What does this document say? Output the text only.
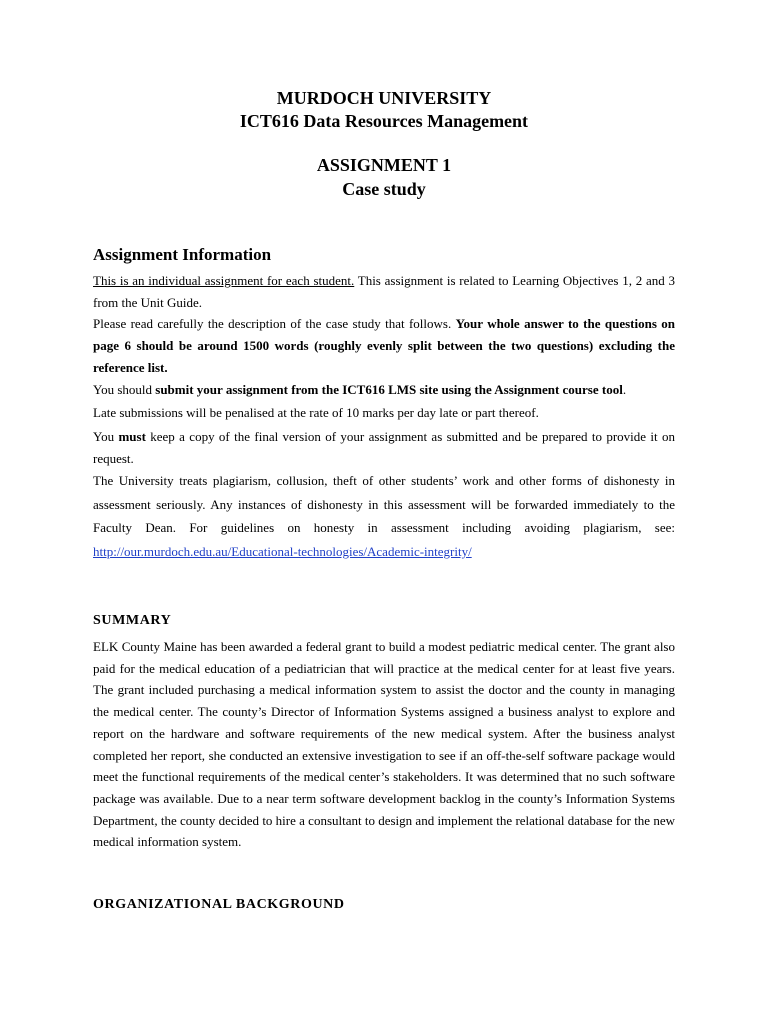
MURDOCH UNIVERSITY
ICT616 Data Resources Management
ASSIGNMENT 1
Case study
Assignment Information

This is an individual assignment for each student. This assignment is related to Learning Objectives 1, 2 and 3 from the Unit Guide.

Please read carefully the description of the case study that follows. Your whole answer to the questions on page 6 should be around 1500 words (roughly evenly split between the two questions) excluding the reference list.

You should submit your assignment from the ICT616 LMS site using the Assignment course tool.

Late submissions will be penalised at the rate of 10 marks per day late or part thereof.

You must keep a copy of the final version of your assignment as submitted and be prepared to provide it on request.

The University treats plagiarism, collusion, theft of other students’ work and other forms of dishonesty in assessment seriously. Any instances of dishonesty in this assessment will be forwarded immediately to the Faculty Dean. For guidelines on honesty in assessment including avoiding plagiarism, see: http://our.murdoch.edu.au/Educational-technologies/Academic-integrity/

SUMMARY

ELK County Maine has been awarded a federal grant to build a modest pediatric medical center. The grant also paid for the medical education of a pediatrician that will practice at the medical center for at least five years. The grant included purchasing a medical information system to assist the doctor and the county in managing the medical center. The county’s Director of Information Systems assigned a business analyst to explore and report on the hardware and software requirements of the new medical system. After the business analyst completed her report, she conducted an extensive investigation to see if an off-the-self software package would meet the functional requirements of the medical center’s stakeholders. It was determined that no such software package was available. Due to a near term software development backlog in the county’s Information Systems Department, the county decided to hire a consultant to design and implement the relational database for the new medical information system.

ORGANIZATIONAL BACKGROUND
